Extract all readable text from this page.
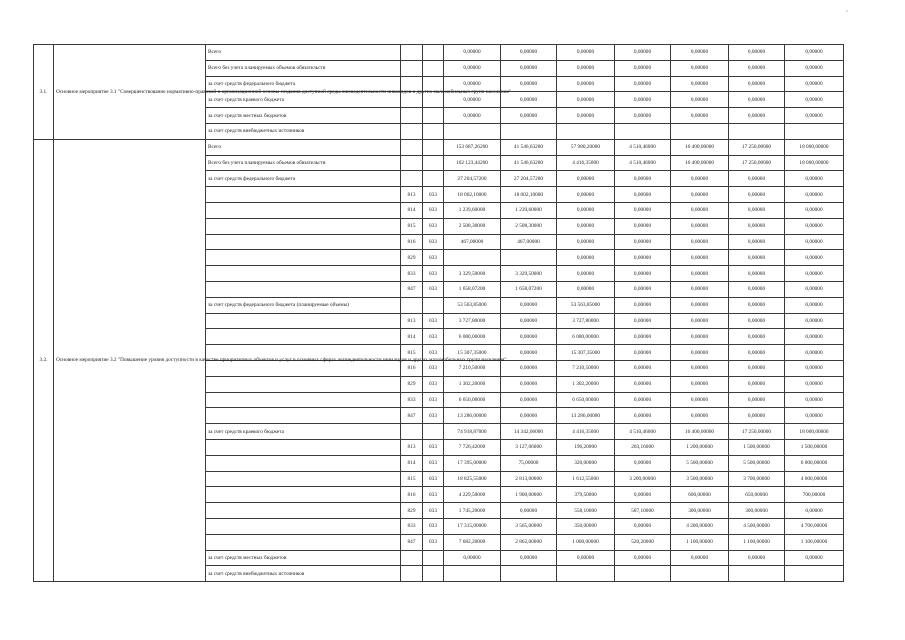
,
3.1.	Основное мероприятие 3.1 "Совершенствование нормативно-правовой и организационной основы создания доступной среды жизнедеятельности инвалидов и других маломобильных групп населения"	Всего			0,00000	0,00000	0,00000	0,00000	0,00000	0,00000	0,00000
		Всего без учета планируемых объемов обязательств			0,00000	0,00000	0,00000	0,00000	0,00000	0,00000	0,00000
		за счет средств федерального бюджета			0,00000	0,00000	0,00000	0,00000	0,00000	0,00000	0,00000
		за счет средств краевого бюджета			0,00000	0,00000	0,00000	0,00000	0,00000	0,00000	0,00000
		за счет средств местных бюджетов			0,00000	0,00000	0,00000	0,00000	0,00000	0,00000	0,00000
		за счет средств внебюджетных источников									
3.2.	Основное мероприятие 3.2 "Повышение уровня доступности в качестве приоритетных объектов и услуг в основных сферах жизнедеятельности инвалидов и других маломобильных групп населения"	Всего			153 687,26200	41 546,63200	57 980,20000	4 510,46000	16 400,00000	17 250,00000	18 000,00000
		Всего без учета планируемых объемов обязательств			102 123,44200	41 546,63200	4 416,35000	4 510,46000	16 400,00000	17 250,00000	18 000,00000
		за счет средств федерального бюджета			27 204,57200	27 204,57200	0,00000	0,00000	0,00000	0,00000	0,00000
			813	033	18 002,10000	18 002,10000	0,00000	0,00000	0,00000	0,00000	0,00000
			814	033	1 239,60000	1 239,60000	0,00000	0,00000	0,00000	0,00000	0,00000
			815	033	2 508,30000	2 508,30000	0,00000	0,00000	0,00000	0,00000	0,00000
			816	033	467,00000	467,00000	0,00000	0,00000	0,00000	0,00000	0,00000
			829	033			0,00000	0,00000	0,00000	0,00000	0,00000
			833	033	3 329,50000	3 329,50000	0,00000	0,00000	0,00000	0,00000	0,00000
			847	033	1 658,07200	1 658,07200	0,00000	0,00000	0,00000	0,00000	0,00000
		за счет средств федерального бюджета (планируемые объемы)			53 563,85000	0,00000	53 563,85000	0,00000	0,00000	0,00000	0,00000
			813	033	3 727,80000	0,00000	3 727,80000	0,00000	0,00000	0,00000	0,00000
			814	033	6 080,00000	0,00000	6 080,00000	0,00000	0,00000	0,00000	0,00000
			815	033	15 307,35000	0,00000	15 307,35000	0,00000	0,00000	0,00000	0,00000
			816	033	7 210,50000	0,00000	7 210,50000	0,00000	0,00000	0,00000	0,00000
			829	033	1 302,20000	0,00000	1 302,20000	0,00000	0,00000	0,00000	0,00000
			833	033	6 650,00000	0,00000	6 650,00000	0,00000	0,00000	0,00000	0,00000
			847	033	13 286,00000	0,00000	13 286,00000	0,00000	0,00000	0,00000	0,00000
		за счет средств краевого бюджета			74 918,87000	14 342,06000	4 416,35000	4 510,46000	16 400,00000	17 250,00000	18 000,00000
			813	033	7 726,42000	3 127,06000	196,20000	203,16000	1 200,00000	1 500,00000	1 500,00000
			814	033	17 395,00000	75,00000	320,00000	0,00000	5 500,00000	5 500,00000	6 000,00000
			815	033	18 825,55000	2 813,00000	1 612,55000	3 200,00000	3 500,00000	3 700,00000	4 000,00000
			816	033	4 229,50000	1 900,00000	379,50000	0,00000	600,00000	650,00000	700,00000
			829	033	1 745,20000	0,00000	558,10000	587,10000	300,00000	300,00000	0,00000
			833	033	17 315,00000	3 565,00000	350,00000	0,00000	4 200,00000	4 500,00000	4 700,00000
			847	033	7 682,20000	2 862,00000	1 000,00000	520,20000	1 100,00000	1 100,00000	1 100,00000
		за счет средств местных бюджетов			0,00000	0,00000	0,00000	0,00000	0,00000	0,00000	0,00000
		за счет средств внебюджетных источников									
